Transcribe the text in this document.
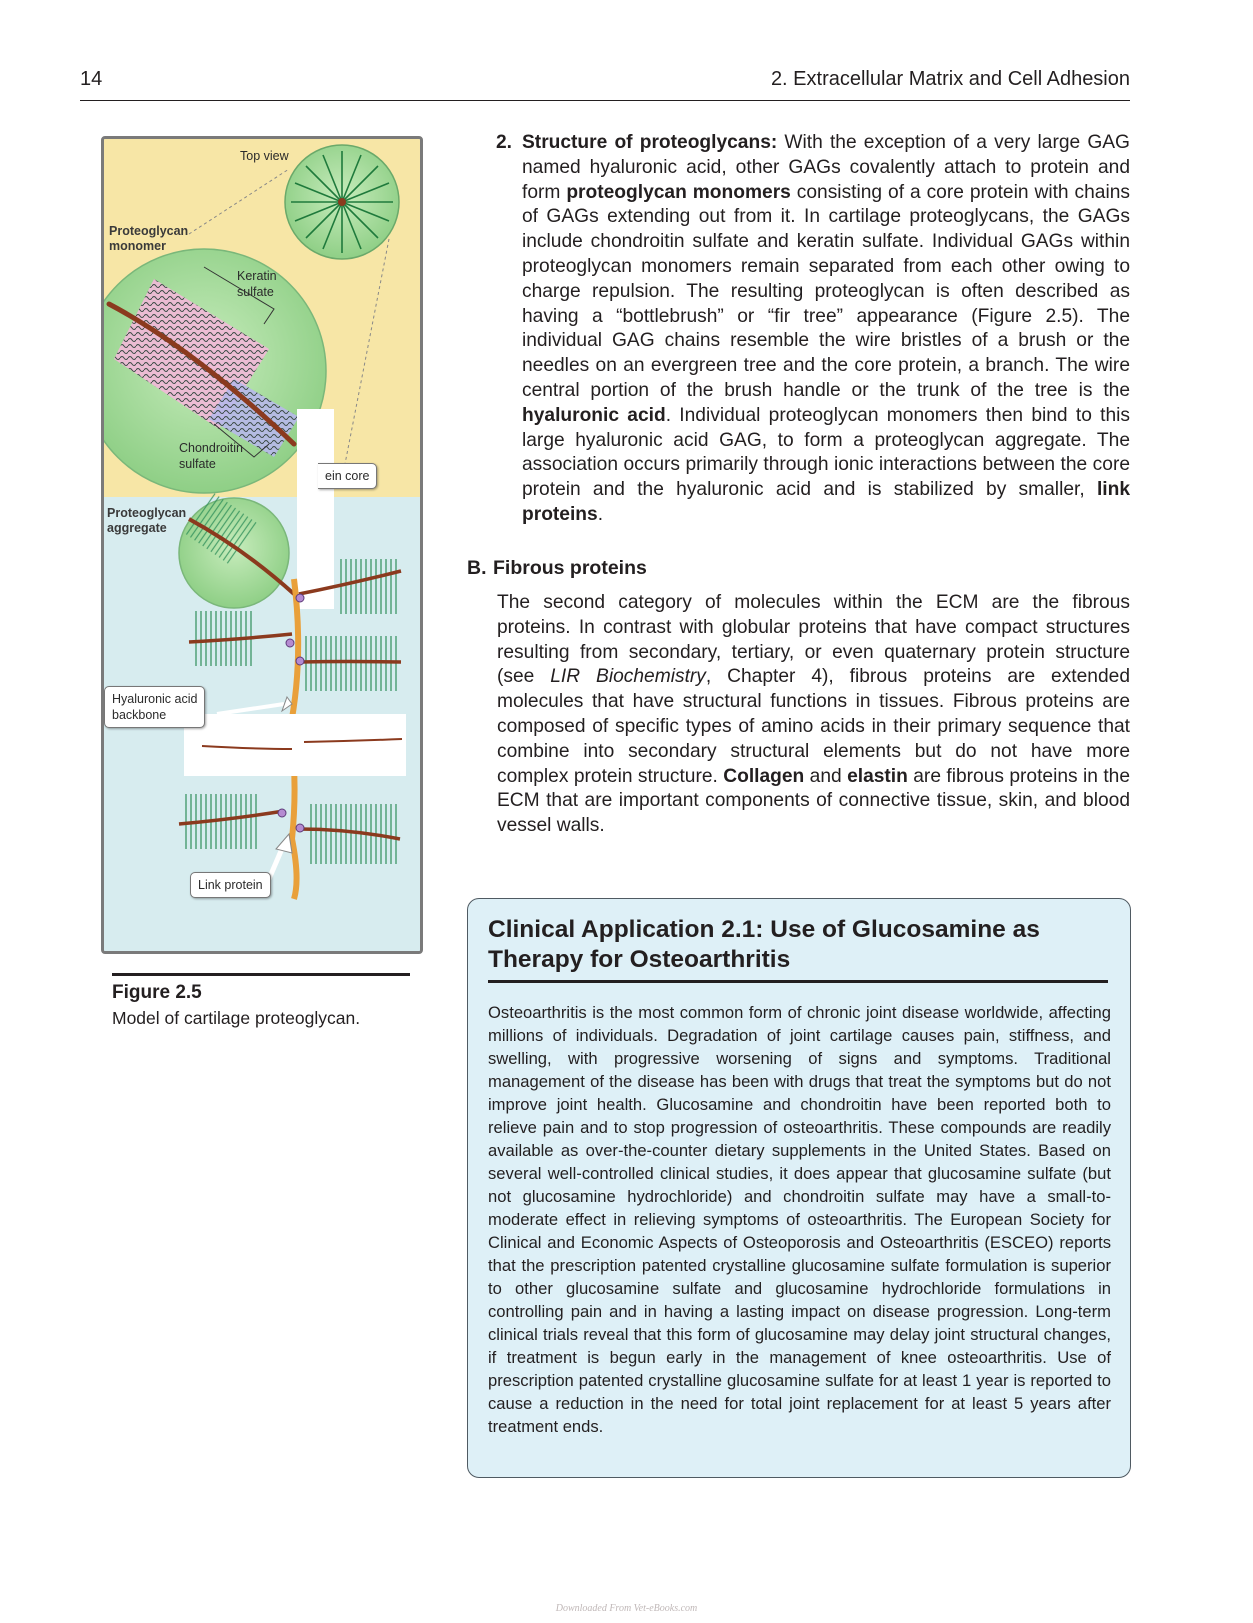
14	2. Extracellular Matrix and Cell Adhesion
Top view
Proteoglycan
monomer
Keratin
sulfate
Chondroitin
sulfate
ein core
Proteoglycan
aggregate
Hyaluronic acid
backbone
Link protein
Figure 2.5
Model of cartilage proteoglycan.
2. Structure of proteoglycans: With the exception of a very large GAG named hyaluronic acid, other GAGs covalently attach to protein and form proteoglycan monomers consisting of a core protein with chains of GAGs extending out from it. In cartilage proteoglycans, the GAGs include chondroitin sulfate and keratin sulfate. Individual GAGs within proteoglycan monomers remain separated from each other owing to charge repulsion. The resulting proteoglycan is often described as having a “bottlebrush” or “fir tree” appearance (Figure 2.5). The individual GAG chains resemble the wire bristles of a brush or the needles on an evergreen tree and the core protein, a branch. The wire central portion of the brush handle or the trunk of the tree is the hyaluronic acid. Individual proteoglycan monomers then bind to this large hyaluronic acid GAG, to form a proteoglycan aggregate. The association occurs primarily through ionic interactions between the core protein and the hyaluronic acid and is stabilized by smaller, link proteins.
B. Fibrous proteins
The second category of molecules within the ECM are the fibrous proteins. In contrast with globular proteins that have compact structures resulting from secondary, tertiary, or even quaternary protein structure (see LIR Biochemistry, Chapter 4), fibrous proteins are extended molecules that have structural functions in tissues. Fibrous proteins are composed of specific types of amino acids in their primary sequence that combine into secondary structural elements but do not have more complex protein structure. Collagen and elastin are fibrous proteins in the ECM that are important components of connective tissue, skin, and blood vessel walls.
Clinical Application 2.1: Use of Glucosamine as Therapy for Osteoarthritis
Osteoarthritis is the most common form of chronic joint disease worldwide, affecting millions of individuals. Degradation of joint cartilage causes pain, stiffness, and swelling, with progressive worsening of signs and symptoms. Traditional management of the disease has been with drugs that treat the symptoms but do not improve joint health. Glucosamine and chondroitin have been reported both to relieve pain and to stop progression of osteoarthritis. These compounds are readily available as over-the-counter dietary supplements in the United States. Based on several well-controlled clinical studies, it does appear that glucosamine sulfate (but not glucosamine hydrochloride) and chondroitin sulfate may have a small-to-moderate effect in relieving symptoms of osteoarthritis. The European Society for Clinical and Economic Aspects of Osteoporosis and Osteoarthritis (ESCEO) reports that the prescription patented crystalline glucosamine sulfate formulation is superior to other glucosamine sulfate and glucosamine hydrochloride formulations in controlling pain and in having a lasting impact on disease progression. Long-term clinical trials reveal that this form of glucosamine may delay joint structural changes, if treatment is begun early in the management of knee osteoarthritis. Use of prescription patented crystalline glucosamine sulfate for at least 1 year is reported to cause a reduction in the need for total joint replacement for at least 5 years after treatment ends.
Downloaded From Vet-eBooks.com
